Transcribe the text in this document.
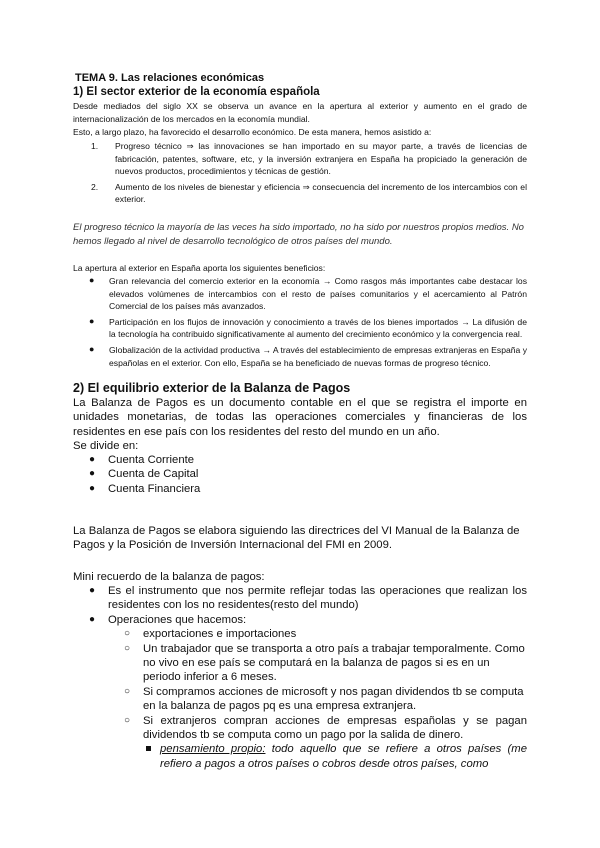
TEMA 9. Las relaciones económicas
1) El sector exterior de la economía española
Desde mediados del siglo XX se observa un avance en la apertura al exterior y aumento en el grado de internacionalización de los mercados en la economía mundial.
Esto, a largo plazo, ha favorecido el desarrollo económico. De esta manera, hemos asistido a:
1. Progreso técnico ⇒ las innovaciones se han importado en su mayor parte, a través de licencias de fabricación, patentes, software, etc, y la inversión extranjera en España ha propiciado la generación de nuevos productos, procedimientos y técnicas de gestión.
2. Aumento de los niveles de bienestar y eficiencia ⇒ consecuencia del incremento de los intercambios con el exterior.
El progreso técnico la mayoría de las veces ha sido importado, no ha sido por nuestros propios medios. No hemos llegado al nivel de desarrollo tecnológico de otros países del mundo.
La apertura al exterior en España aporta los siguientes beneficios:
● Gran relevancia del comercio exterior en la economía → Como rasgos más importantes cabe destacar los elevados volúmenes de intercambios con el resto de países comunitarios y el acercamiento al Patrón Comercial de los países más avanzados.
● Participación en los flujos de innovación y conocimiento a través de los bienes importados → La difusión de la tecnología ha contribuido significativamente al aumento del crecimiento económico y la convergencia real.
● Globalización de la actividad productiva → A través del establecimiento de empresas extranjeras en España y españolas en el exterior. Con ello, España se ha beneficiado de nuevas formas de progreso técnico.
2) El equilibrio exterior de la Balanza de Pagos
La Balanza de Pagos es un documento contable en el que se registra el importe en unidades monetarias, de todas las operaciones comerciales y financieras de los residentes en ese país con los residentes del resto del mundo en un año.
Se divide en:
● Cuenta Corriente
● Cuenta de Capital
● Cuenta Financiera
La Balanza de Pagos se elabora siguiendo las directrices del VI Manual de la Balanza de Pagos y la Posición de Inversión Internacional del FMI en 2009.
Mini recuerdo de la balanza de pagos:
● Es el instrumento que nos permite reflejar todas las operaciones que realizan los residentes con los no residentes(resto del mundo)
● Operaciones que hacemos:
○ exportaciones e importaciones
○ Un trabajador que se transporta a otro país a trabajar temporalmente. Como no vivo en ese país se computará en la balanza de pagos si es en un periodo inferior a 6 meses.
○ Si compramos acciones de microsoft y nos pagan dividendos tb se computa en la balanza de pagos pq es una empresa extranjera.
○ Si extranjeros compran acciones de empresas españolas y se pagan dividendos tb se computa como un pago por la salida de dinero.
pensamiento propio: todo aquello que se refiere a otros países (me refiero a pagos a otros países o cobros desde otros países, como
